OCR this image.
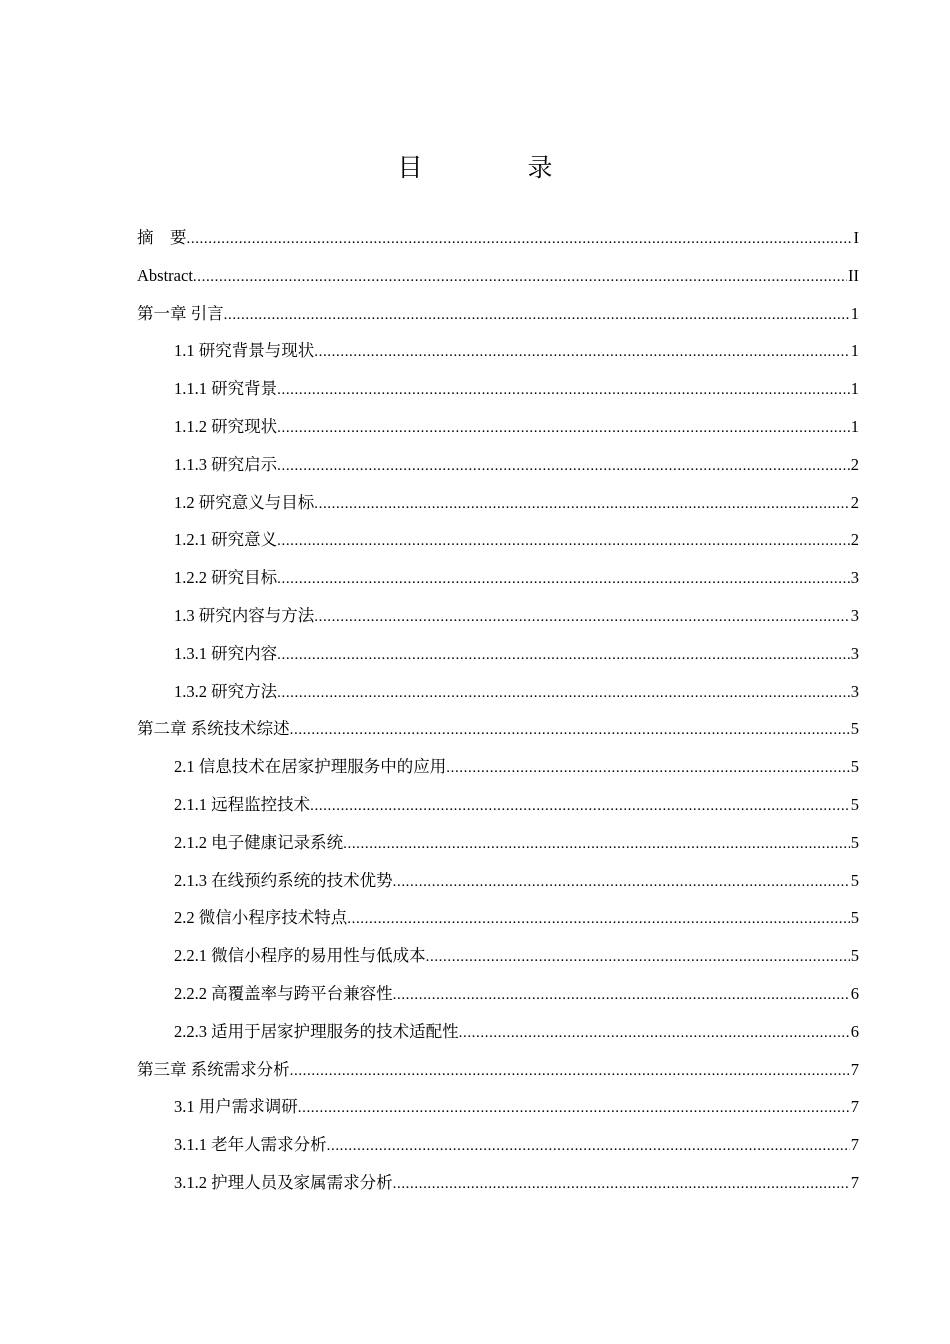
目　录
摘　要 .....	I
Abstract .....	II
第一章 引言 .....	1
1.1 研究背景与现状 .....	1
1.1.1 研究背景 .....	1
1.1.2 研究现状 .....	1
1.1.3 研究启示 .....	2
1.2 研究意义与目标 .....	2
1.2.1 研究意义 .....	2
1.2.2 研究目标 .....	3
1.3 研究内容与方法 .....	3
1.3.1 研究内容 .....	3
1.3.2 研究方法 .....	3
第二章 系统技术综述 .....	5
2.1 信息技术在居家护理服务中的应用 .....	5
2.1.1 远程监控技术 .....	5
2.1.2 电子健康记录系统 .....	5
2.1.3 在线预约系统的技术优势 .....	5
2.2 微信小程序技术特点 .....	5
2.2.1 微信小程序的易用性与低成本 .....	5
2.2.2 高覆盖率与跨平台兼容性 .....	6
2.2.3 适用于居家护理服务的技术适配性 .....	6
第三章 系统需求分析 .....	7
3.1 用户需求调研 .....	7
3.1.1 老年人需求分析 .....	7
3.1.2 护理人员及家属需求分析 .....	7
